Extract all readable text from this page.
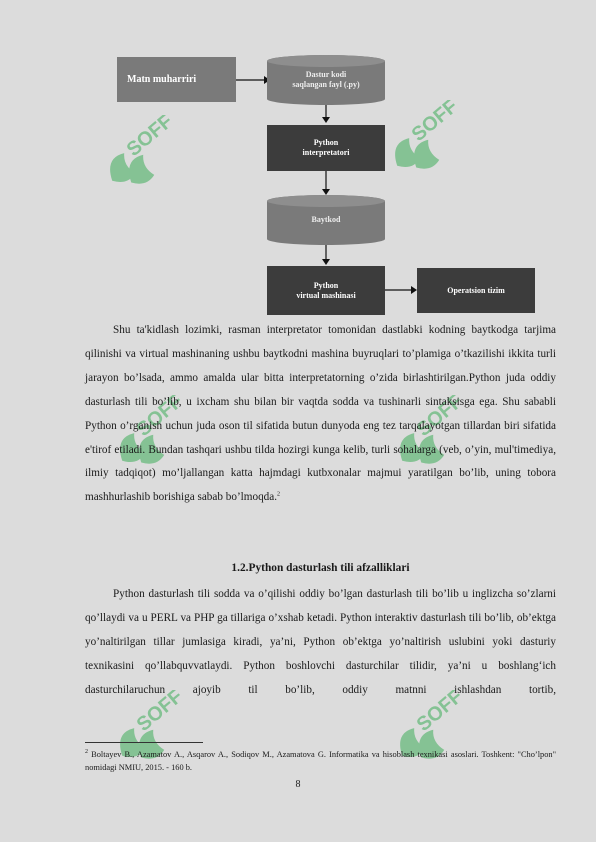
SOFF	SOFF
SOFF	SOFF
SOFF	SOFF
Matn muharriri	Dastur kodi
saqlangan fayl (.py)
Python
interpretatori
Baytkod
Python
virtual mashinasi
Operatsion tizim

Shu ta'kidlash lozimki, rasman interpretator tomonidan dastlabki kodning baytkodga tarjima qilinishi va virtual mashinaning ushbu baytkodni mashina buyruqlari to’plamiga o’tkazilishi ikkita turli jarayon bo’lsada, ammo amalda ular bitta interpretatorning o’zida birlashtirilgan.Python juda oddiy dasturlash tili bo’lib, u ixcham shu bilan bir vaqtda sodda va tushinarli sintaksisga ega. Shu sababli Python o’rganish uchun juda oson til sifatida butun dunyoda eng tez tarqalayotgan tillardan biri sifatida e'tirof etiladi. Bundan tashqari ushbu tilda hozirgi kunga kelib, turli sohalarga (veb, o’yin, mul'timediya, ilmiy tadqiqot) mo’ljallangan katta hajmdagi kutbxonalar majmui yaratilgan bo’lib, uning tobora mashhurlashib borishiga sabab bo’lmoqda.$^2$

1.2.Python dasturlash tili afzalliklari

Python dasturlash tili sodda va o’qilishi oddiy bo’lgan dasturlash tili bo’lib u inglizcha so’zlarni qo’llaydi va u PERL va PHP ga tillariga o’xshab ketadi. Python interaktiv dasturlash tili bo’lib, ob’ektga yo’naltirilgan tillar jumlasiga kiradi, ya’ni, Python ob’ektga yo’naltirish uslubini yoki dasturiy texnikasini qo’llabquvvatlaydi. Python boshlovchi dasturchilar tilidir, ya’ni u boshlang‘ich dasturchilaruchun ajoyib til bo’lib, oddiy matnni ishlashdan tortib,

$^2$ Boltayev B., Azamatov A., Asqarov A., Sodiqov M., Azamatova G. Informatika va hisoblash texnikasi asoslari. Toshkent: "Cho’lpon" nomidagi NMIU, 2015. - 160 b.

8
